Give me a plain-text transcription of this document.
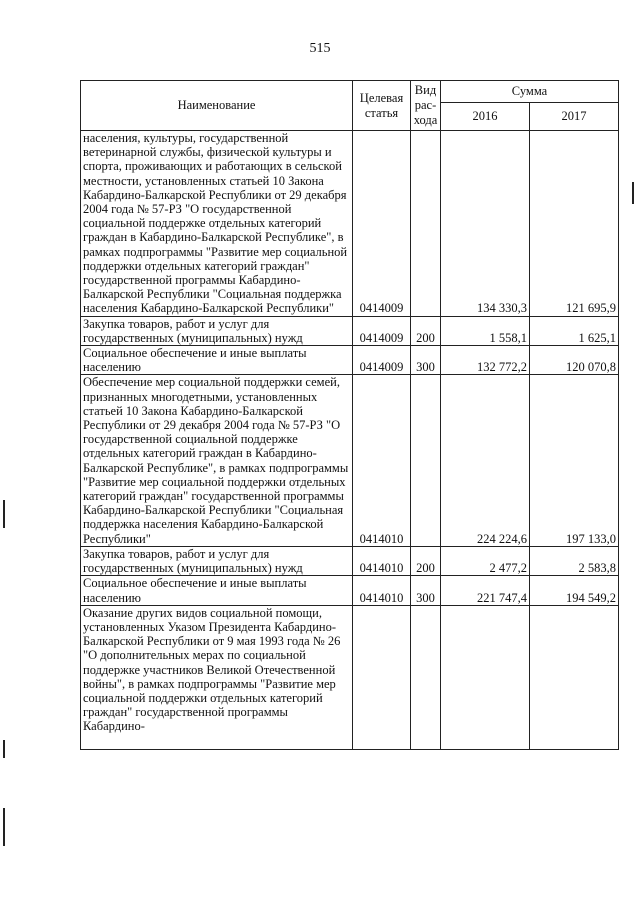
515
Наименование	Целевая статья	Вид рас-хода	Сумма	
			2016	2017
населения, культуры, государственной ветеринарной службы, физической культуры и спорта, проживающих и работающих в сельской местности, установленных статьей 10 Закона Кабардино-Балкарской Республики от 29 декабря 2004 года № 57-РЗ "О государственной социальной поддержке отдельных категорий граждан в Кабардино-Балкарской Республике", в рамках подпрограммы "Развитие мер социальной поддержки отдельных категорий граждан" государственной программы Кабардино-Балкарской Республики "Социальная поддержка населения Кабардино-Балкарской Республики"	0414009		134 330,3	121 695,9
Закупка товаров, работ и услуг для государственных (муниципальных) нужд	0414009	200	1 558,1	1 625,1
Социальное обеспечение и иные выплаты населению	0414009	300	132 772,2	120 070,8
Обеспечение мер социальной поддержки семей, признанных многодетными, установленных статьей 10 Закона Кабардино-Балкарской Республики от 29 декабря 2004 года № 57-РЗ "О государственной социальной поддержке отдельных категорий граждан в Кабардино-Балкарской Республике", в рамках подпрограммы "Развитие мер социальной поддержки отдельных категорий граждан" государственной программы Кабардино-Балкарской Республики "Социальная поддержка населения Кабардино-Балкарской Республики"	0414010		224 224,6	197 133,0
Закупка товаров, работ и услуг для государственных (муниципальных) нужд	0414010	200	2 477,2	2 583,8
Социальное обеспечение и иные выплаты населению	0414010	300	221 747,4	194 549,2
Оказание других видов социальной помощи, установленных Указом Президента Кабардино-Балкарской Республики от 9 мая 1993 года № 26 "О дополнительных мерах по социальной поддержке участников Великой Отечественной войны", в рамках подпрограммы "Развитие мер социальной поддержки отдельных категорий граждан" государственной программы Кабардино-				
